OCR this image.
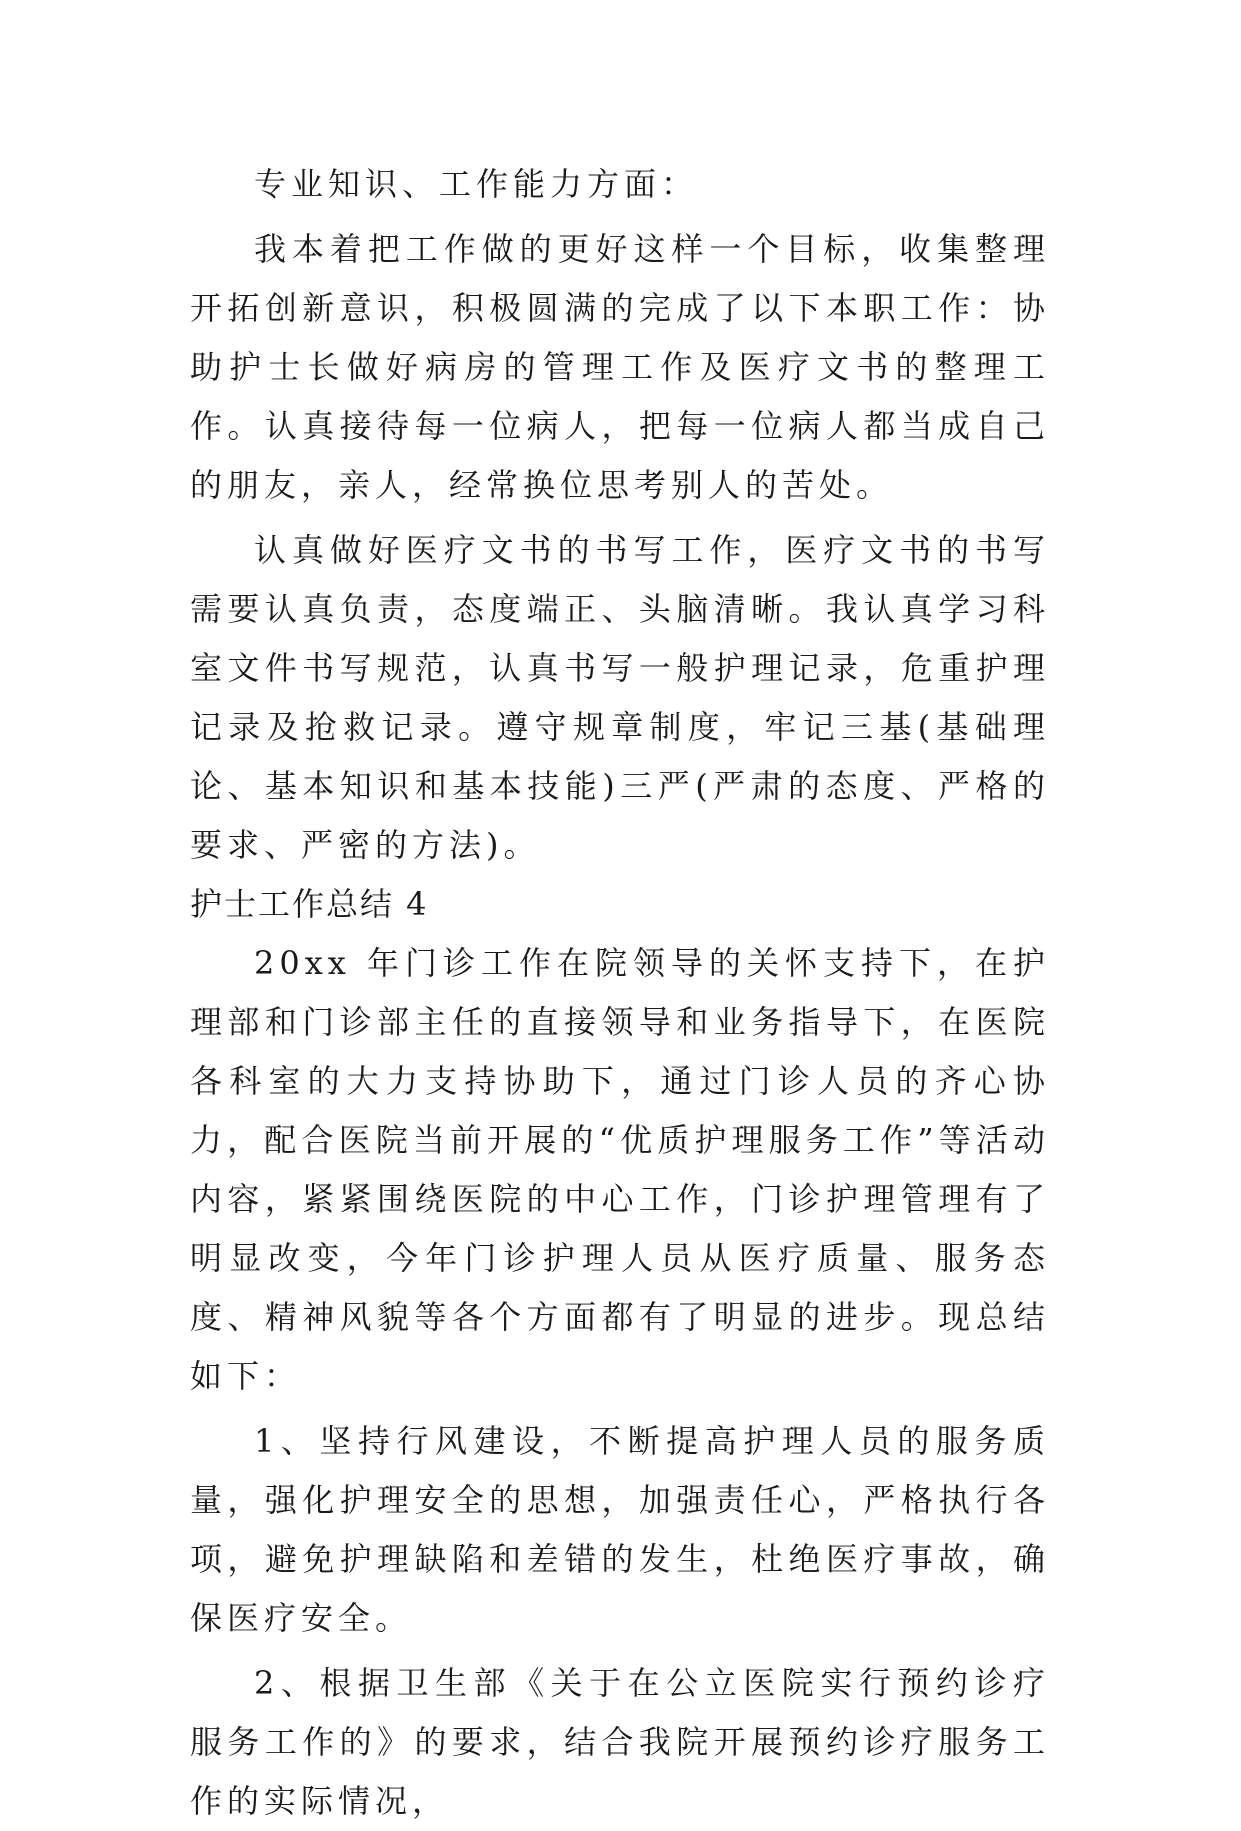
专业知识、工作能力方面：

我本着把工作做的更好这样一个目标，收集整理开拓创新意识，积极圆满的完成了以下本职工作：协助护士长做好病房的管理工作及医疗文书的整理工作。认真接待每一位病人，把每一位病人都当成自己的朋友，亲人，经常换位思考别人的苦处。

认真做好医疗文书的书写工作，医疗文书的书写需要认真负责，态度端正、头脑清晰。我认真学习科室文件书写规范，认真书写一般护理记录，危重护理记录及抢救记录。遵守规章制度，牢记三基(基础理论、基本知识和基本技能)三严(严肃的态度、严格的要求、严密的方法)。

护士工作总结 4

20xx 年门诊工作在院领导的关怀支持下，在护理部和门诊部主任的直接领导和业务指导下，在医院各科室的大力支持协助下，通过门诊人员的齐心协力，配合医院当前开展的“优质护理服务工作”等活动内容，紧紧围绕医院的中心工作，门诊护理管理有了明显改变，今年门诊护理人员从医疗质量、服务态度、精神风貌等各个方面都有了明显的进步。现总结如下：

1、坚持行风建设，不断提高护理人员的服务质量，强化护理安全的思想，加强责任心，严格执行各项，避免护理缺陷和差错的发生，杜绝医疗事故，确保医疗安全。

2、根据卫生部《关于在公立医院实行预约诊疗服务工作的》的要求，结合我院开展预约诊疗服务工作的实际情况，
